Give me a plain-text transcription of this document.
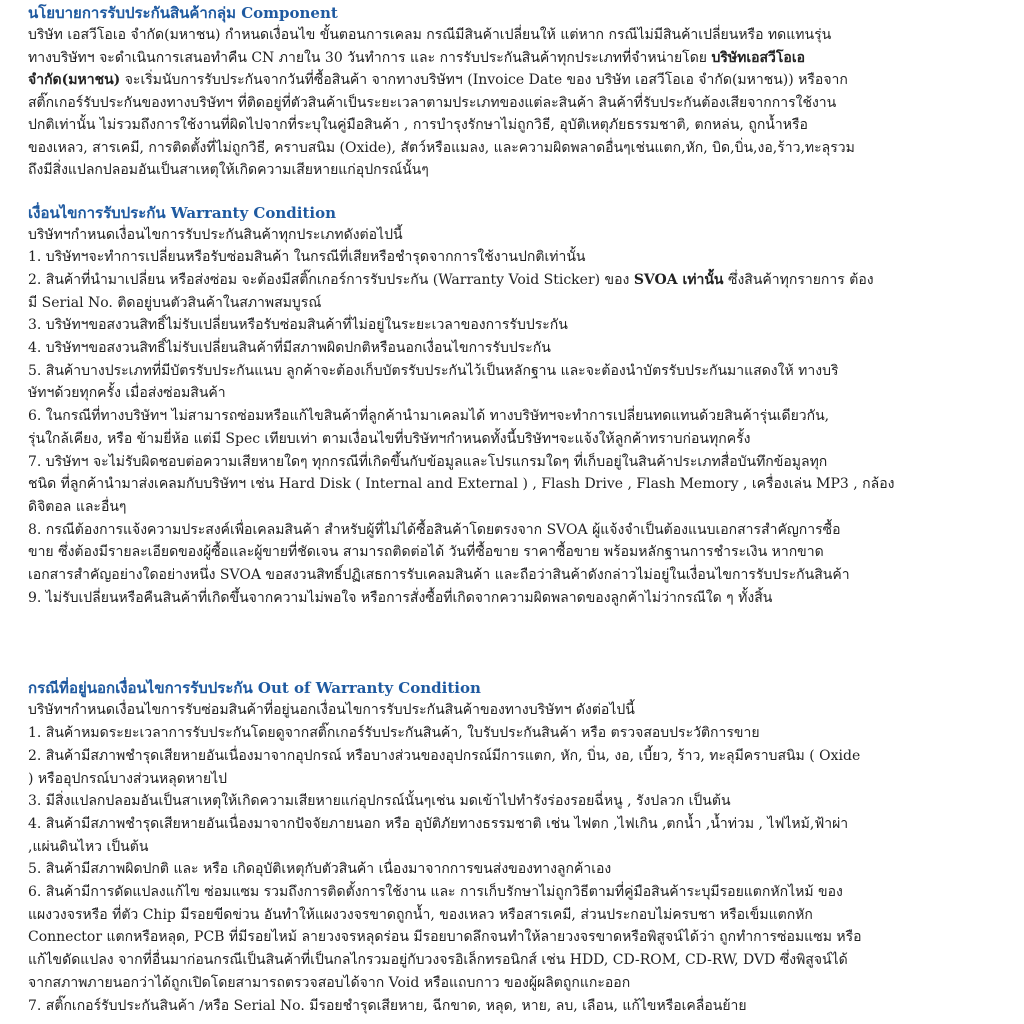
นโยบายการรับประกันสินค้ากลุ่ม Component

บริษัท เอสวีโอเอ จำกัด(มหาชน) กำหนดเงื่อนไข ขั้นตอนการเคลม กรณีมีสินค้าเปลี่ยนให้ แต่หาก กรณีไม่มีสินค้าเปลี่ยนหรือ ทดแทนรุ่น

ทางบริษัทฯ จะดำเนินการเสนอทำคืน CN ภายใน 30 วันทำการ และ การรับประกันสินค้าทุกประเภทที่จำหน่ายโดย บริษัทเอสวีโอเอ

จำกัด(มหาชน) จะเริ่มนับการรับประกันจากวันที่ซื้อสินค้า จากทางบริษัทฯ (Invoice Date ของ บริษัท เอสวีโอเอ จำกัด(มหาชน)) หรือจาก

สติ๊กเกอร์รับประกันของทางบริษัทฯ ที่ติดอยู่ที่ตัวสินค้าเป็นระยะเวลาตามประเภทของแต่ละสินค้า สินค้าที่รับประกันต้องเสียจากการใช้งาน

ปกติเท่านั้น ไม่รวมถึงการใช้งานที่ผิดไปจากที่ระบุในคู่มือสินค้า , การบำรุงรักษาไม่ถูกวิธี, อุบัติเหตุภัยธรรมชาติ, ตกหล่น, ถูกน้ำหรือ

ของเหลว, สารเคมี, การติดตั้งที่ไม่ถูกวิธี, คราบสนิม (Oxide), สัตว์หรือแมลง, และความผิดพลาดอื่นๆเช่นแตก,หัก, บิด,บิ่น,งอ,ร้าว,ทะลุรวม

ถึงมีสิ่งแปลกปลอมอันเป็นสาเหตุให้เกิดความเสียหายแก่อุปกรณ์นั้นๆ

เงื่อนไขการรับประกัน Warranty Condition

บริษัทฯกำหนดเงื่อนไขการรับประกันสินค้าทุกประเภทดังต่อไปนี้

1. บริษัทฯจะทำการเปลี่ยนหรือรับซ่อมสินค้า ในกรณีที่เสียหรือชำรุดจากการใช้งานปกติเท่านั้น

2. สินค้าที่นำมาเปลี่ยน หรือส่งซ่อม จะต้องมีสติ๊กเกอร์การรับประกัน (Warranty Void Sticker) ของ SVOA เท่านั้น ซึ่งสินค้าทุกรายการ ต้อง

มี Serial No. ติดอยู่บนตัวสินค้าในสภาพสมบูรณ์

3. บริษัทฯขอสงวนสิทธิ์ไม่รับเปลี่ยนหรือรับซ่อมสินค้าที่ไม่อยู่ในระยะเวลาของการรับประกัน

4. บริษัทฯขอสงวนสิทธิ์ไม่รับเปลี่ยนสินค้าที่มีสภาพผิดปกติหรือนอกเงื่อนไขการรับประกัน

5. สินค้าบางประเภทที่มีบัตรรับประกันแนบ ลูกค้าจะต้องเก็บบัตรรับประกันไว้เป็นหลักฐาน และจะต้องนำบัตรรับประกันมาแสดงให้ ทางบริ

ษัทฯด้วยทุกครั้ง เมื่อส่งซ่อมสินค้า

6. ในกรณีที่ทางบริษัทฯ ไม่สามารถซ่อมหรือแก้ไขสินค้าที่ลูกค้านำมาเคลมได้ ทางบริษัทฯจะทำการเปลี่ยนทดแทนด้วยสินค้ารุ่นเดียวกัน,

รุ่นใกล้เคียง, หรือ ข้ามยี่ห้อ แต่มี Spec เทียบเท่า ตามเงื่อนไขที่บริษัทฯกำหนดทั้งนี้บริษัทฯจะแจ้งให้ลูกค้าทราบก่อนทุกครั้ง

7. บริษัทฯ จะไม่รับผิดชอบต่อความเสียหายใดๆ ทุกกรณีที่เกิดขึ้นกับข้อมูลและโปรแกรมใดๆ ที่เก็บอยู่ในสินค้าประเภทสื่อบันทึกข้อมูลทุก

ชนิด ที่ลูกค้านำมาส่งเคลมกับบริษัทฯ เช่น Hard Disk ( Internal and External ) , Flash Drive , Flash Memory , เครื่องเล่น MP3 , กล้อง

ดิจิตอล และอื่นๆ

8. กรณีต้องการแจ้งความประสงค์เพื่อเคลมสินค้า สำหรับผู้ที่ไม่ได้ซื้อสินค้าโดยตรงจาก SVOA ผู้แจ้งจำเป็นต้องแนบเอกสารสำคัญการซื้อ

ขาย ซึ่งต้องมีรายละเอียดของผู้ซื้อและผู้ขายที่ชัดเจน สามารถติดต่อได้ วันที่ซื้อขาย ราคาซื้อขาย พร้อมหลักฐานการชำระเงิน หากขาด

เอกสารสำคัญอย่างใดอย่างหนึ่ง SVOA ขอสงวนสิทธิ์ปฏิเสธการรับเคลมสินค้า และถือว่าสินค้าดังกล่าวไม่อยู่ในเงื่อนไขการรับประกันสินค้า

9. ไม่รับเปลี่ยนหรือคืนสินค้าที่เกิดขึ้นจากความไม่พอใจ หรือการสั่งซื้อที่เกิดจากความผิดพลาดของลูกค้าไม่ว่ากรณีใด ๆ ทั้งสิ้น

กรณีที่อยู่นอกเงื่อนไขการรับประกัน Out of Warranty Condition

บริษัทฯกำหนดเงื่อนไขการรับซ่อมสินค้าที่อยู่นอกเงื่อนไขการรับประกันสินค้าของทางบริษัทฯ ดังต่อไปนี้

1. สินค้าหมดระยะเวลาการรับประกันโดยดูจากสติ๊กเกอร์รับประกันสินค้า, ใบรับประกันสินค้า หรือ ตรวจสอบประวัติการขาย

2. สินค้ามีสภาพชำรุดเสียหายอันเนื่องมาจากอุปกรณ์ หรือบางส่วนของอุปกรณ์มีการแตก, หัก, บิ่น, งอ, เบี้ยว, ร้าว, ทะลุมีคราบสนิม ( Oxide

) หรืออุปกรณ์บางส่วนหลุดหายไป

3. มีสิ่งแปลกปลอมอันเป็นสาเหตุให้เกิดความเสียหายแก่อุปกรณ์นั้นๆเช่น มดเข้าไปทำรังร่องรอยฉี่หนู , รังปลวก เป็นต้น

4. สินค้ามีสภาพชำรุดเสียหายอันเนื่องมาจากปัจจัยภายนอก หรือ อุบัติภัยทางธรรมชาติ เช่น ไฟตก ,ไฟเกิน ,ตกน้ำ ,น้ำท่วม , ไฟไหม้,ฟ้าผ่า

,แผ่นดินไหว เป็นต้น

5. สินค้ามีสภาพผิดปกติ และ หรือ เกิดอุบัติเหตุกับตัวสินค้า เนื่องมาจากการขนส่งของทางลูกค้าเอง

6. สินค้ามีการดัดแปลงแก้ไข ซ่อมแซม รวมถึงการติดตั้งการใช้งาน และ การเก็บรักษาไม่ถูกวิธีตามที่คู่มือสินค้าระบุมีรอยแตกหักไหม้ ของ

แผงวงจรหรือ ที่ตัว Chip มีรอยขีดข่วน อันทำให้แผงวงจรขาดถูกน้ำ, ของเหลว หรือสารเคมี, ส่วนประกอบไม่ครบชา หรือเข็มแตกหัก

Connector แตกหรือหลุด, PCB ที่มีรอยไหม้ ลายวงจรหลุดร่อน มีรอยบาดลึกจนทำให้ลายวงจรขาดหรือพิสูจน์ได้ว่า ถูกทำการซ่อมแซม หรือ

แก้ไขดัดแปลง จากที่อื่นมาก่อนกรณีเป็นสินค้าที่เป็นกลไกรวมอยู่กับวงจรอิเล็กทรอนิกส์ เช่น HDD, CD-ROM, CD-RW, DVD ซึ่งพิสูจน์ได้

จากสภาพภายนอกว่าได้ถูกเปิดโดยสามารถตรวจสอบได้จาก Void หรือแถบกาว ของผู้ผลิตถูกแกะออก

7. สติ๊กเกอร์รับประกันสินค้า /หรือ Serial No. มีรอยชำรุดเสียหาย, ฉีกขาด, หลุด, หาย, ลบ, เลือน, แก้ไขหรือเคลื่อนย้าย
